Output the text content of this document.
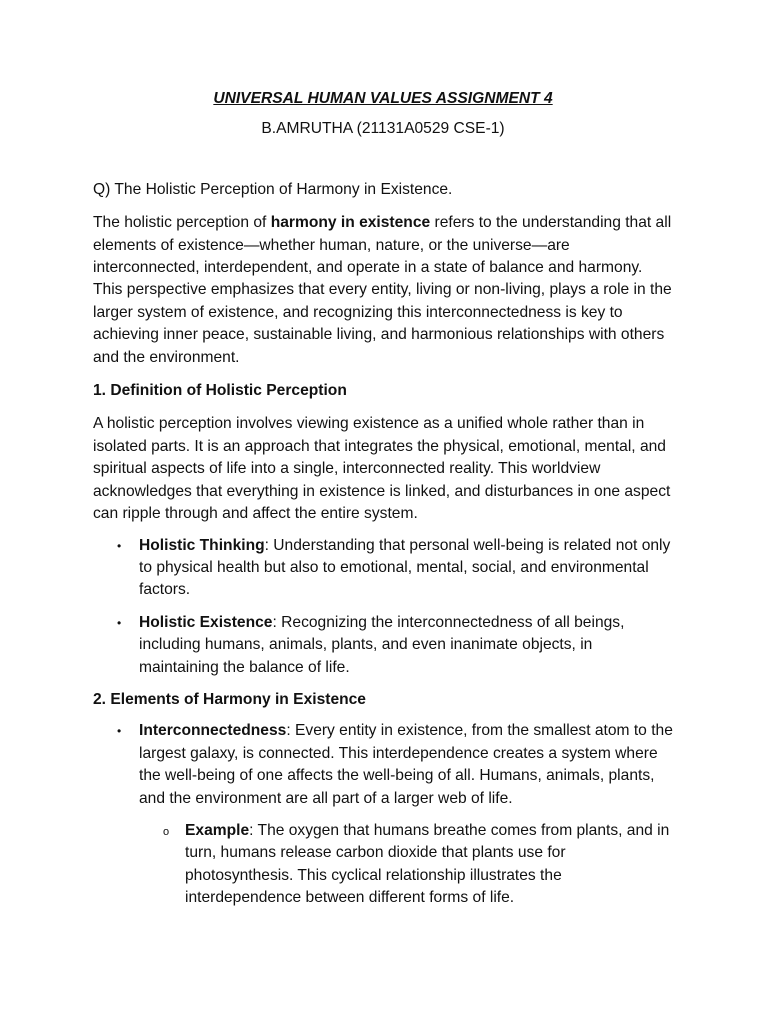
UNIVERSAL HUMAN VALUES ASSIGNMENT 4

B.AMRUTHA (21131A0529 CSE-1)

Q) The Holistic Perception of Harmony in Existence.

The holistic perception of harmony in existence refers to the understanding that all elements of existence—whether human, nature, or the universe—are interconnected, interdependent, and operate in a state of balance and harmony. This perspective emphasizes that every entity, living or non-living, plays a role in the larger system of existence, and recognizing this interconnectedness is key to achieving inner peace, sustainable living, and harmonious relationships with others and the environment.

1. Definition of Holistic Perception

A holistic perception involves viewing existence as a unified whole rather than in isolated parts. It is an approach that integrates the physical, emotional, mental, and spiritual aspects of life into a single, interconnected reality. This worldview acknowledges that everything in existence is linked, and disturbances in one aspect can ripple through and affect the entire system.

• Holistic Thinking: Understanding that personal well-being is related not only to physical health but also to emotional, mental, social, and environmental factors.
• Holistic Existence: Recognizing the interconnectedness of all beings, including humans, animals, plants, and even inanimate objects, in maintaining the balance of life.

2. Elements of Harmony in Existence

• Interconnectedness: Every entity in existence, from the smallest atom to the largest galaxy, is connected. This interdependence creates a system where the well-being of one affects the well-being of all. Humans, animals, plants, and the environment are all part of a larger web of life.
o Example: The oxygen that humans breathe comes from plants, and in turn, humans release carbon dioxide that plants use for photosynthesis. This cyclical relationship illustrates the interdependence between different forms of life.
